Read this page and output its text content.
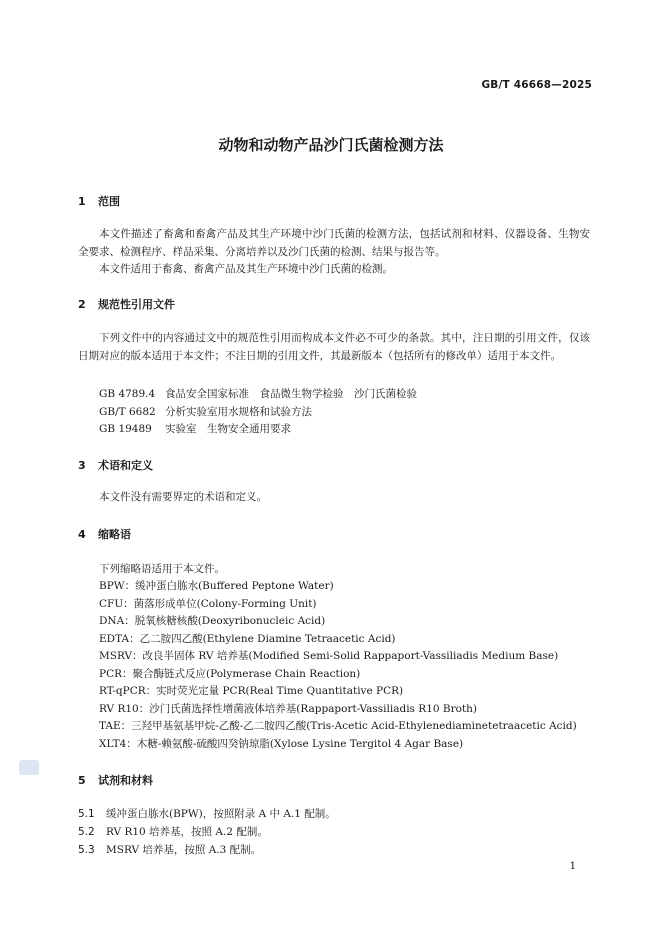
GB/T 46668—2025
动物和动物产品沙门氏菌检测方法
1 范围
本文件描述了畜禽和畜禽产品及其生产环境中沙门氏菌的检测方法，包括试剂和材料、仪器设备、生物安全要求、检测程序、样品采集、分离培养以及沙门氏菌的检测、结果与报告等。
本文件适用于畜禽、畜禽产品及其生产环境中沙门氏菌的检测。
2 规范性引用文件
下列文件中的内容通过文中的规范性引用而构成本文件必不可少的条款。其中，注日期的引用文件，仅该日期对应的版本适用于本文件；不注日期的引用文件，其最新版本（包括所有的修改单）适用于本文件。
GB 4789.4 食品安全国家标准　食品微生物学检验　沙门氏菌检验
GB/T 6682 分析实验室用水规格和试验方法
GB 19489 实验室　生物安全通用要求
3 术语和定义
本文件没有需要界定的术语和定义。
4 缩略语
下列缩略语适用于本文件。
BPW：缓冲蛋白胨水(Buffered Peptone Water)
CFU：菌落形成单位(Colony-Forming Unit)
DNA：脱氧核糖核酸(Deoxyribonucleic Acid)
EDTA：乙二胺四乙酸(Ethylene Diamine Tetraacetic Acid)
MSRV：改良半固体 RV 培养基(Modified Semi-Solid Rappaport-Vassiliadis Medium Base)
PCR：聚合酶链式反应(Polymerase Chain Reaction)
RT-qPCR：实时荧光定量 PCR(Real Time Quantitative PCR)
RV R10：沙门氏菌选择性增菌液体培养基(Rappaport-Vassiliadis R10 Broth)
TAE：三羟甲基氨基甲烷-乙酸-乙二胺四乙酸(Tris-Acetic Acid-Ethylenediaminetetraacetic Acid)
XLT4：木糖-赖氨酸-硫酸四癸钠琼脂(Xylose Lysine Tergitol 4 Agar Base)
5 试剂和材料
5.1 缓冲蛋白胨水(BPW)，按照附录 A 中 A.1 配制。
5.2 RV R10 培养基，按照 A.2 配制。
5.3 MSRV 培养基，按照 A.3 配制。
1
